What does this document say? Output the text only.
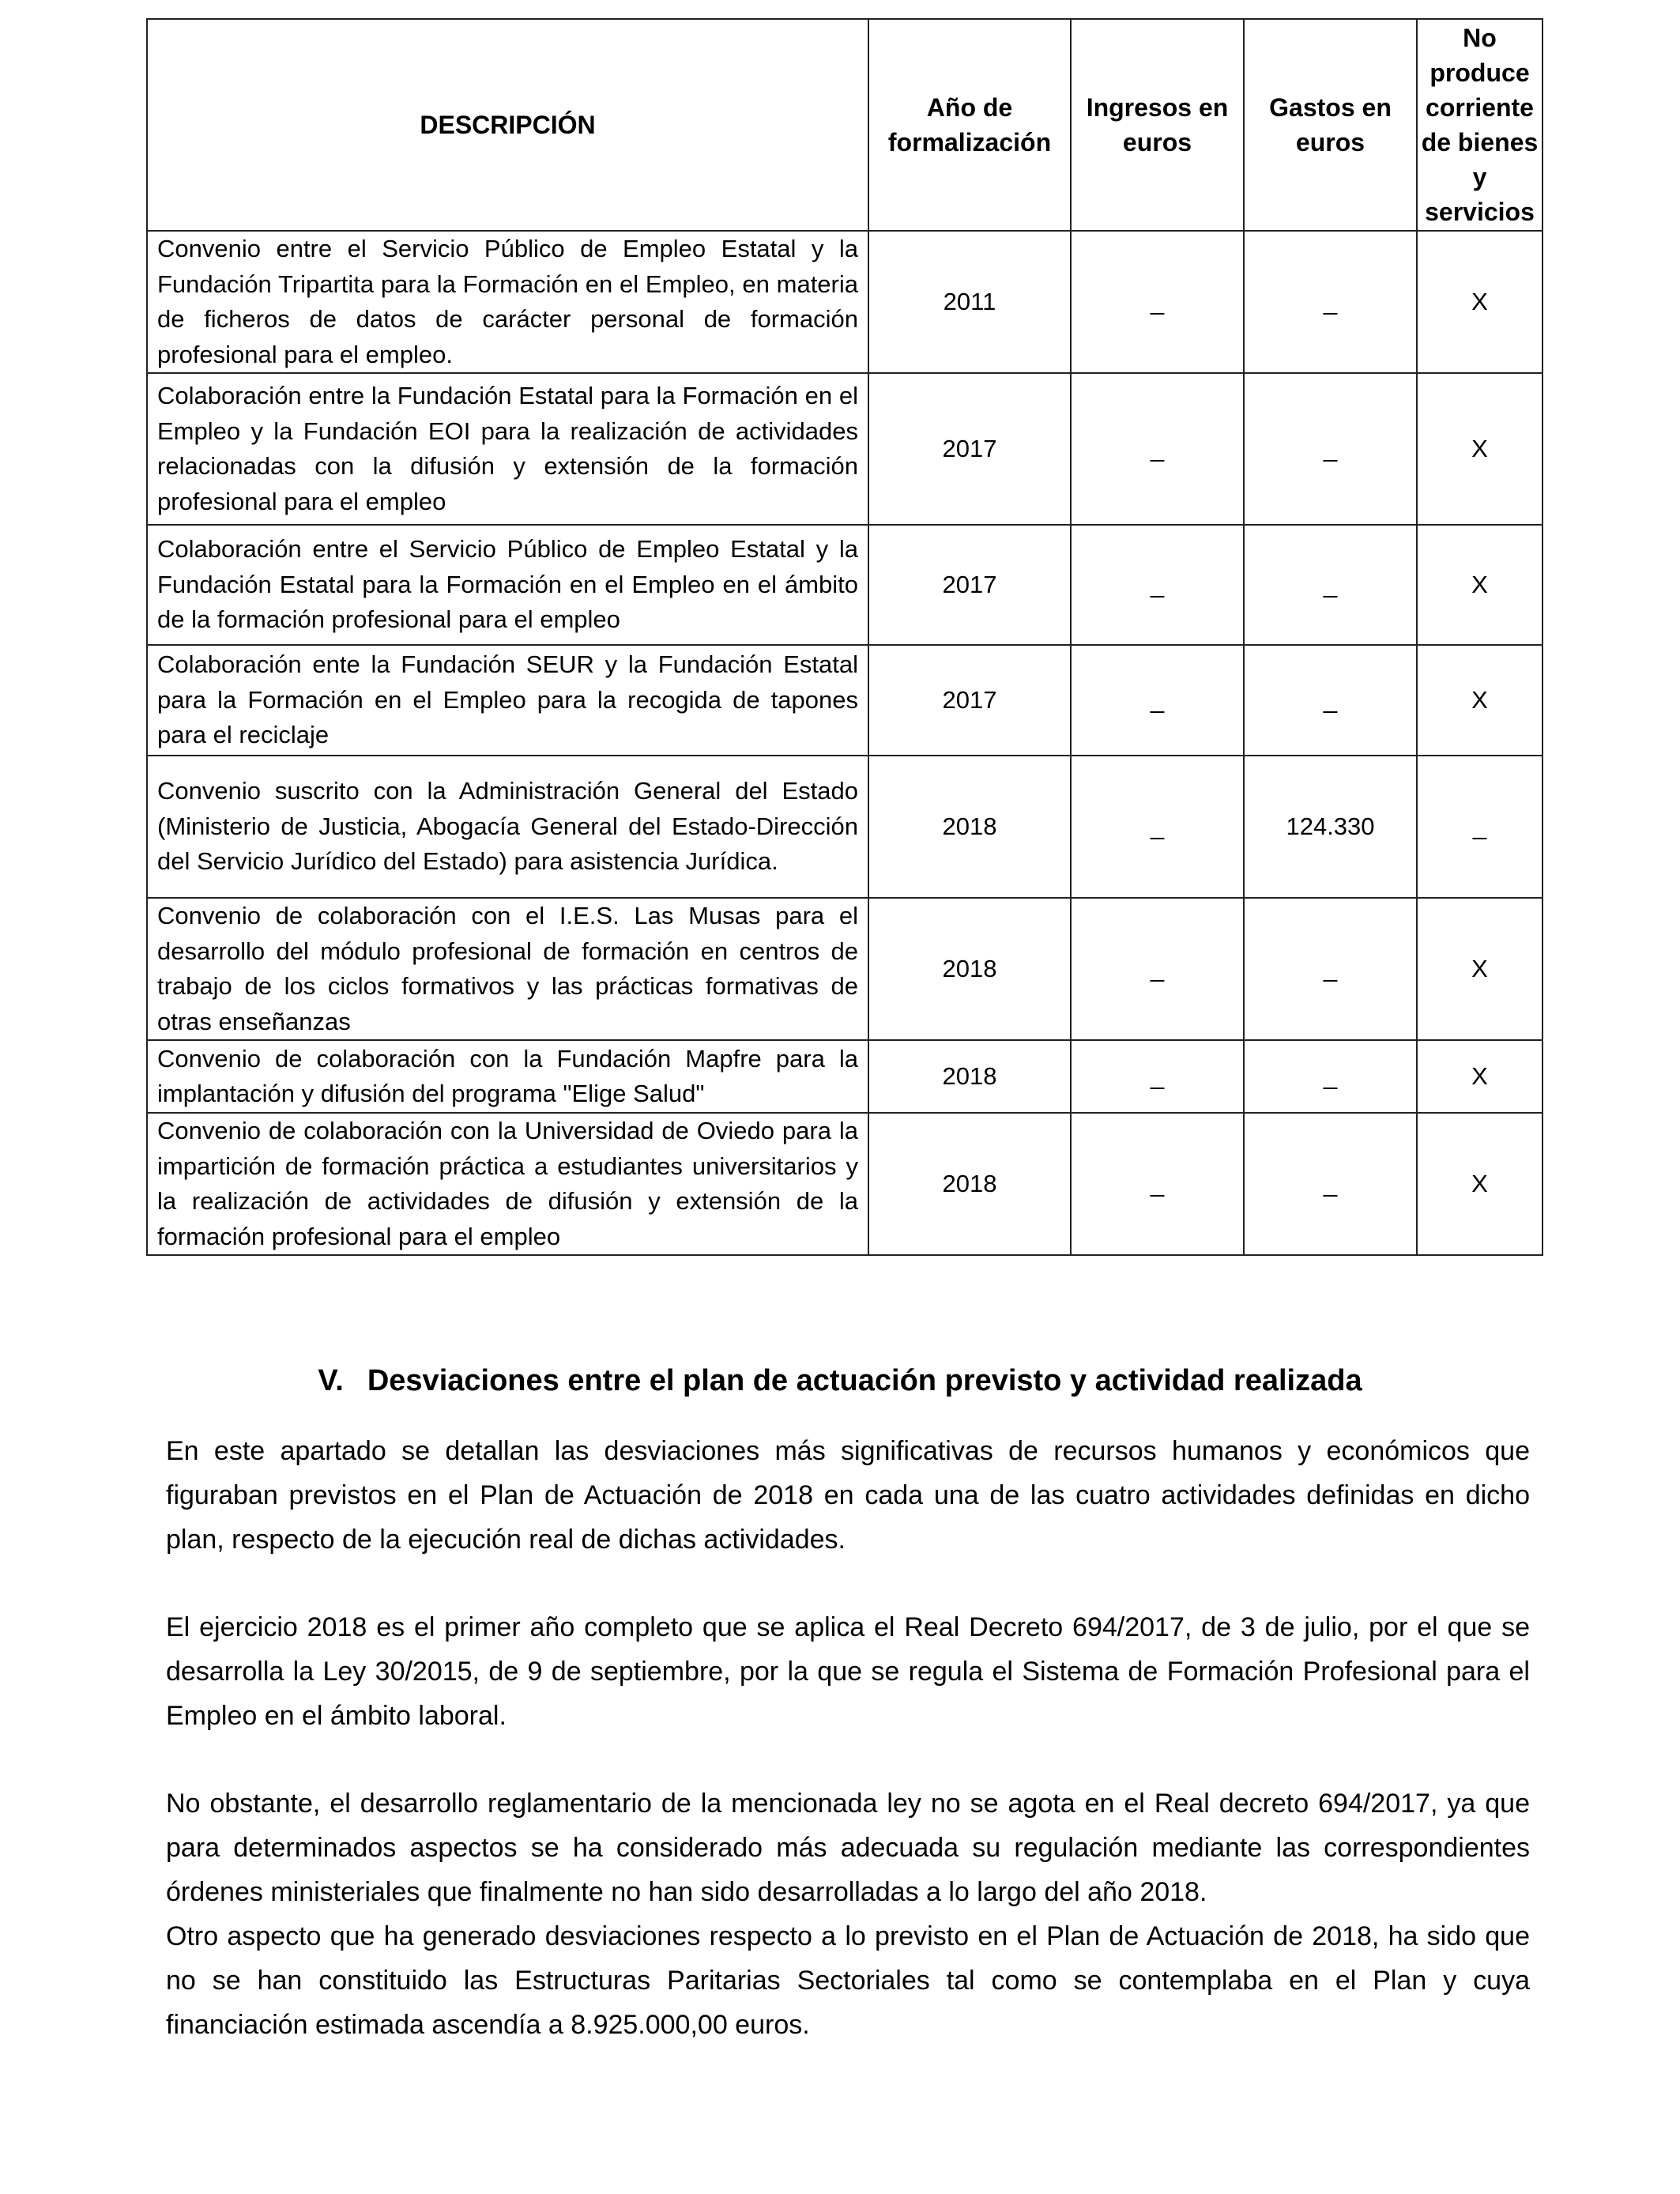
DESCRIPCIÓN	Año de formalización	Ingresos en euros	Gastos en euros	No produce corriente de bienes y servicios
Convenio entre el Servicio Público de Empleo Estatal y la Fundación Tripartita para la Formación en el Empleo, en materia de ficheros de datos de carácter personal de formación profesional para el empleo.	2011	_	_	X
Colaboración entre la Fundación Estatal para la Formación en el Empleo y la Fundación EOI para la realización de actividades relacionadas con la difusión y extensión de la formación profesional para el empleo	2017	_	_	X
Colaboración entre el Servicio Público de Empleo Estatal y la Fundación Estatal para la Formación en el Empleo en el ámbito de la formación profesional para el empleo	2017	_	_	X
Colaboración ente la Fundación SEUR y la Fundación Estatal para la Formación en el Empleo para la recogida de tapones para el reciclaje	2017	_	_	X
Convenio suscrito con la Administración General del Estado (Ministerio de Justicia, Abogacía General del Estado-Dirección del Servicio Jurídico del Estado) para asistencia Jurídica.	2018	_	124.330	_
Convenio de colaboración con el I.E.S. Las Musas para el desarrollo del módulo profesional de formación en centros de trabajo de los ciclos formativos y las prácticas formativas de otras enseñanzas	2018	_	_	X
Convenio de colaboración con la Fundación Mapfre para la implantación y difusión del programa "Elige Salud"	2018	_	_	X
Convenio de colaboración con la Universidad de Oviedo para la impartición de formación práctica a estudiantes universitarios y la realización de actividades de difusión y extensión de la formación profesional para el empleo	2018	_	_	X
V. Desviaciones entre el plan de actuación previsto y actividad realizada

En este apartado se detallan las desviaciones más significativas de recursos humanos y económicos que figuraban previstos en el Plan de Actuación de 2018 en cada una de las cuatro actividades definidas en dicho plan, respecto de la ejecución real de dichas actividades.

El ejercicio 2018 es el primer año completo que se aplica el Real Decreto 694/2017, de 3 de julio, por el que se desarrolla la Ley 30/2015, de 9 de septiembre, por la que se regula el Sistema de Formación Profesional para el Empleo en el ámbito laboral.

No obstante, el desarrollo reglamentario de la mencionada ley no se agota en el Real decreto 694/2017, ya que para determinados aspectos se ha considerado más adecuada su regulación mediante las correspondientes órdenes ministeriales que finalmente no han sido desarrolladas a lo largo del año 2018.

Otro aspecto que ha generado desviaciones respecto a lo previsto en el Plan de Actuación de 2018, ha sido que no se han constituido las Estructuras Paritarias Sectoriales tal como se contemplaba en el Plan y cuya financiación estimada ascendía a 8.925.000,00 euros.
